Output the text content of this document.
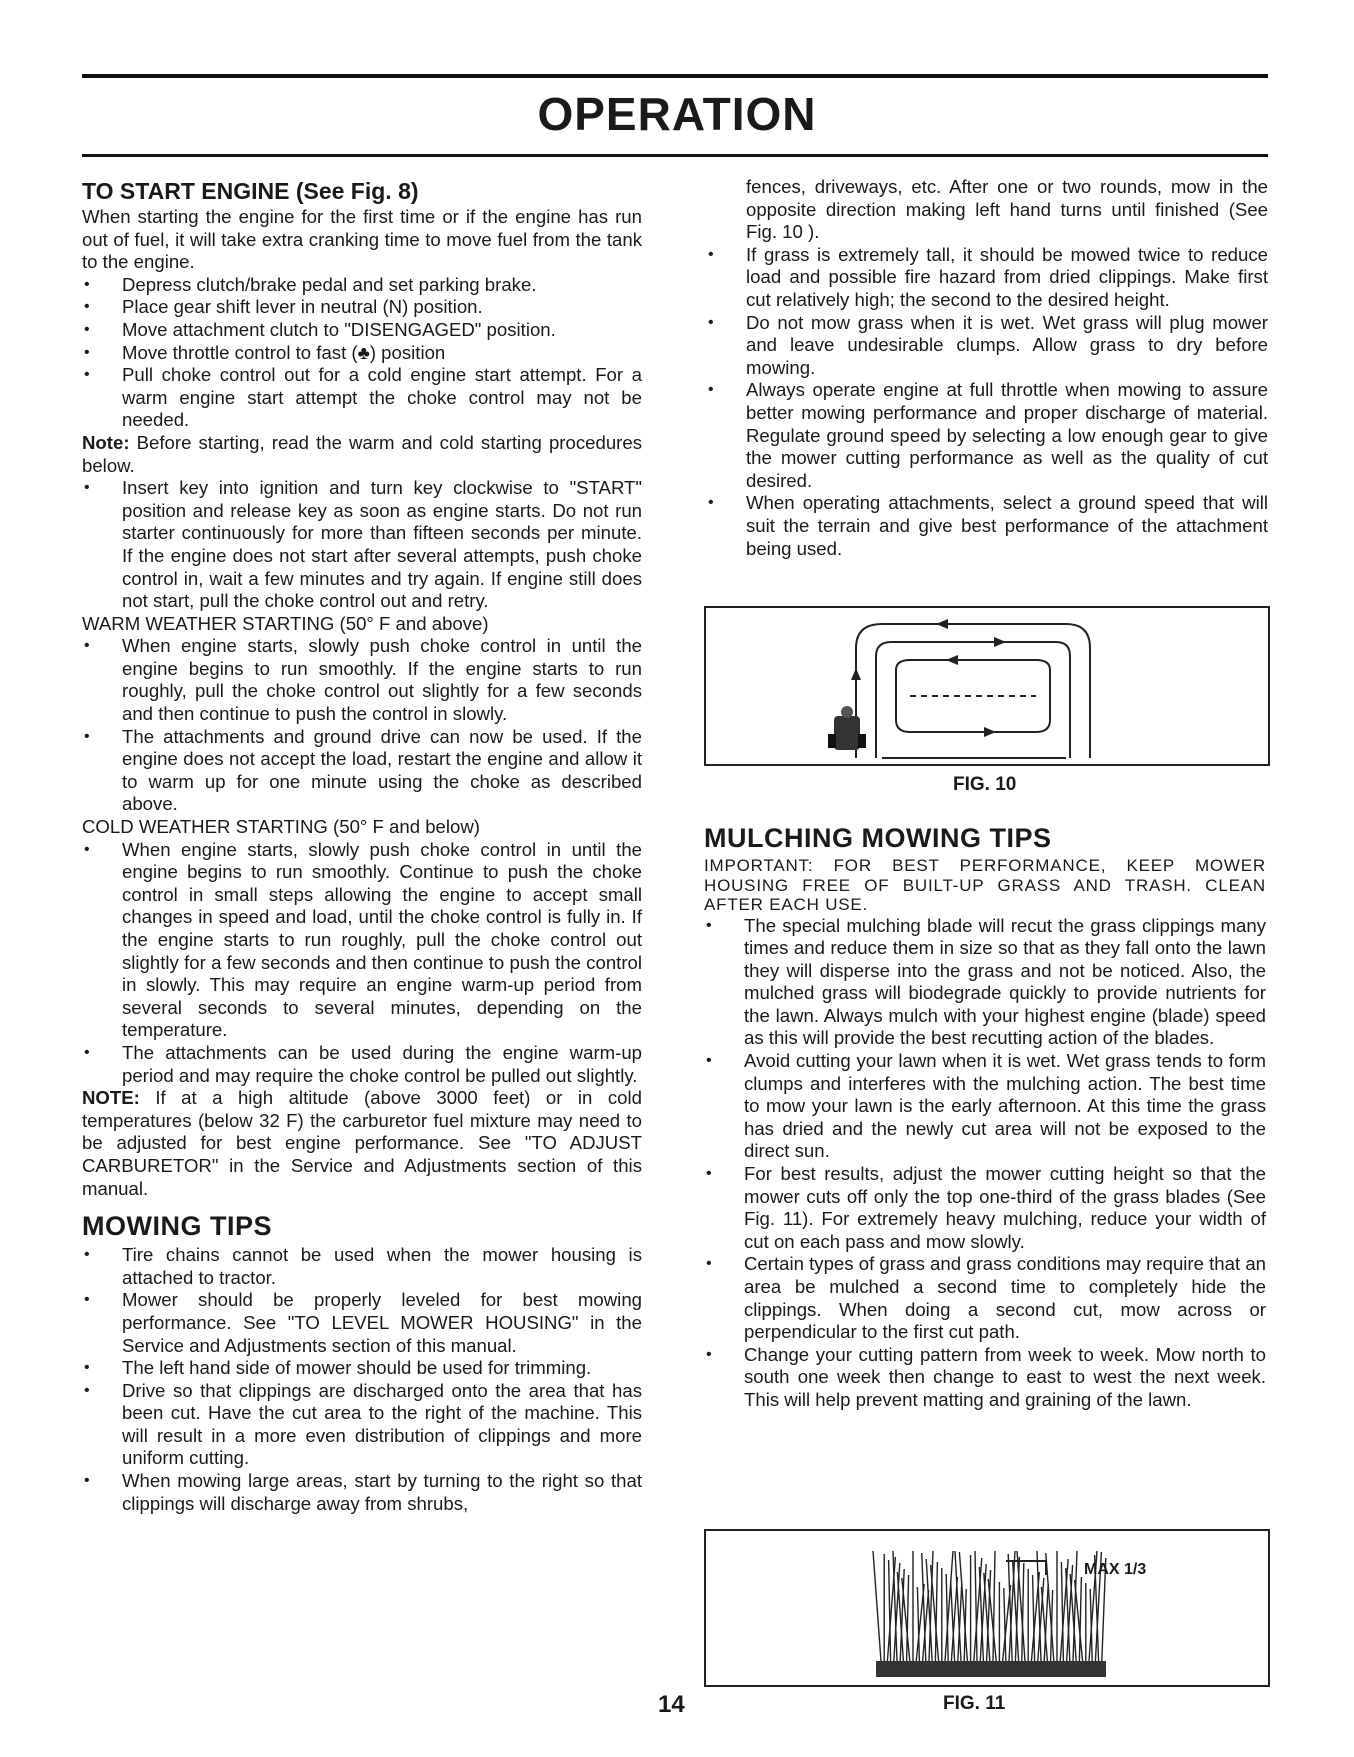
OPERATION
TO START ENGINE (See Fig. 8)

When starting the engine for the first time or if the engine has run out of fuel, it will take extra cranking time to move fuel from the tank to the engine.

• Depress clutch/brake pedal and set parking brake.
• Place gear shift lever in neutral (N) position.
• Move attachment clutch to "DISENGAGED" position.
• Move throttle control to fast (♣) position
• Pull choke control out for a cold engine start attempt. For a warm engine start attempt the choke control may not be needed.

Note: Before starting, read the warm and cold starting procedures below.

• Insert key into ignition and turn key clockwise to "START" position and release key as soon as engine starts. Do not run starter continuously for more than fifteen seconds per minute. If the engine does not start after several attempts, push choke control in, wait a few minutes and try again. If engine still does not start, pull the choke control out and retry.

WARM WEATHER STARTING (50° F and above)

• When engine starts, slowly push choke control in until the engine begins to run smoothly. If the engine starts to run roughly, pull the choke control out slightly for a few seconds and then continue to push the control in slowly.
• The attachments and ground drive can now be used. If the engine does not accept the load, restart the engine and allow it to warm up for one minute using the choke as described above.

COLD WEATHER STARTING (50° F and below)

• When engine starts, slowly push choke control in until the engine begins to run smoothly. Continue to push the choke control in small steps allowing the engine to accept small changes in speed and load, until the choke control is fully in. If the engine starts to run roughly, pull the choke control out slightly for a few seconds and then continue to push the control in slowly. This may require an engine warm-up period from several seconds to several minutes, depending on the temperature.
• The attachments can be used during the engine warm-up period and may require the choke control be pulled out slightly.

NOTE: If at a high altitude (above 3000 feet) or in cold temperatures (below 32 F) the carburetor fuel mixture may need to be adjusted for best engine performance. See "TO ADJUST CARBURETOR" in the Service and Adjustments section of this manual.

MOWING TIPS
• Tire chains cannot be used when the mower housing is attached to tractor.
• Mower should be properly leveled for best mowing performance. See "TO LEVEL MOWER HOUSING" in the Service and Adjustments section of this manual.
• The left hand side of mower should be used for trimming.
• Drive so that clippings are discharged onto the area that has been cut. Have the cut area to the right of the machine. This will result in a more even distribution of clippings and more uniform cutting.
• When mowing large areas, start by turning to the right so that clippings will discharge away from shrubs,

fences, driveways, etc. After one or two rounds, mow in the opposite direction making left hand turns until finished (See Fig. 10 ).

• If grass is extremely tall, it should be mowed twice to reduce load and possible fire hazard from dried clippings. Make first cut relatively high; the second to the desired height.
• Do not mow grass when it is wet. Wet grass will plug mower and leave undesirable clumps. Allow grass to dry before mowing.
• Always operate engine at full throttle when mowing to assure better mowing performance and proper discharge of material. Regulate ground speed by selecting a low enough gear to give the mower cutting performance as well as the quality of cut desired.
• When operating attachments, select a ground speed that will suit the terrain and give best performance of the attachment being used.
FIG. 10
MULCHING MOWING TIPS

IMPORTANT: FOR BEST PERFORMANCE, KEEP MOWER HOUSING FREE OF BUILT-UP GRASS AND TRASH. CLEAN AFTER EACH USE.

• The special mulching blade will recut the grass clippings many times and reduce them in size so that as they fall onto the lawn they will disperse into the grass and not be noticed. Also, the mulched grass will biodegrade quickly to provide nutrients for the lawn. Always mulch with your highest engine (blade) speed as this will provide the best recutting action of the blades.
• Avoid cutting your lawn when it is wet. Wet grass tends to form clumps and interferes with the mulching action. The best time to mow your lawn is the early afternoon. At this time the grass has dried and the newly cut area will not be exposed to the direct sun.
• For best results, adjust the mower cutting height so that the mower cuts off only the top one-third of the grass blades (See Fig. 11). For extremely heavy mulching, reduce your width of cut on each pass and mow slowly.
• Certain types of grass and grass conditions may require that an area be mulched a second time to completely hide the clippings. When doing a second cut, mow across or perpendicular to the first cut path.
• Change your cutting pattern from week to week. Mow north to south one week then change to east to west the next week. This will help prevent matting and graining of the lawn.
MAX 1/3
FIG. 11
14
